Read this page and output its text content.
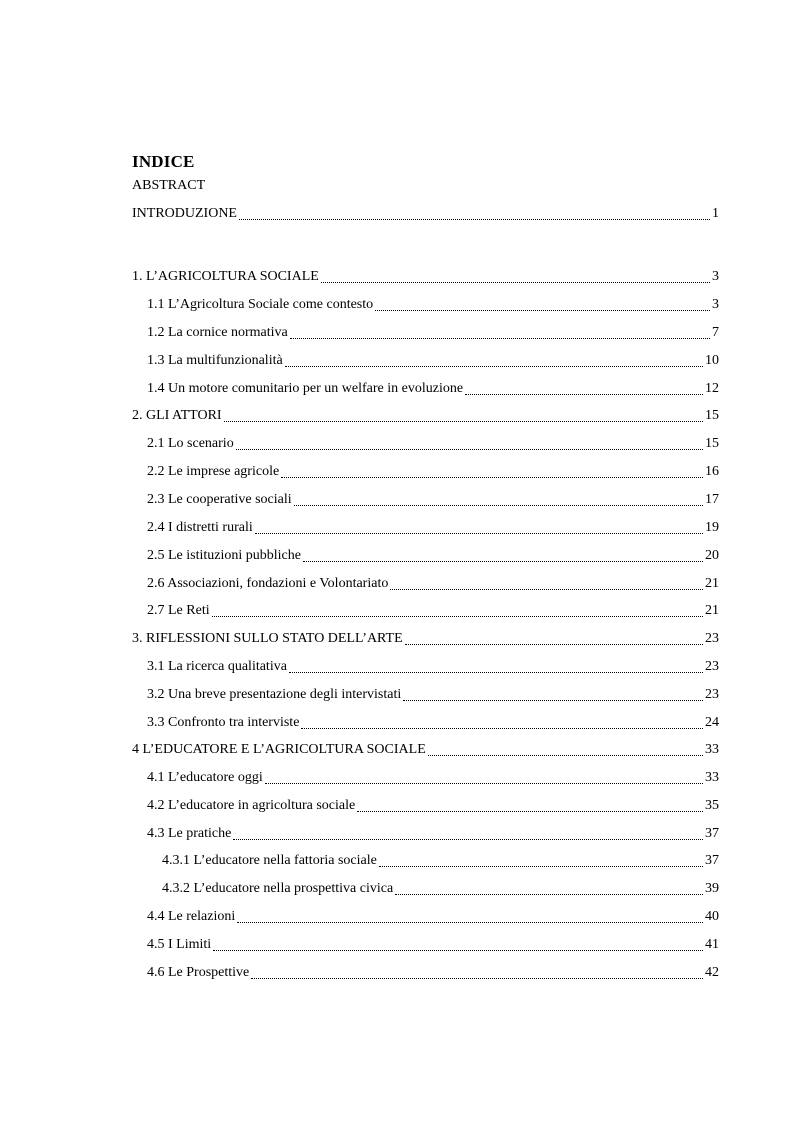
INDICE
ABSTRACT
INTRODUZIONE	1
1. L’AGRICOLTURA SOCIALE	3
1.1 L’Agricoltura Sociale come contesto	3
1.2 La cornice normativa	7
1.3 La multifunzionalità	10
1.4 Un motore comunitario per un welfare in evoluzione	12
2. GLI ATTORI	15
2.1 Lo scenario	15
2.2 Le imprese agricole	16
2.3 Le cooperative sociali	17
2.4 I distretti rurali	19
2.5 Le istituzioni pubbliche	20
2.6 Associazioni, fondazioni e Volontariato	21
2.7 Le Reti	21
3. RIFLESSIONI SULLO STATO DELL’ARTE	23
3.1 La ricerca qualitativa	23
3.2 Una breve presentazione degli intervistati	23
3.3 Confronto tra interviste	24
4 L’EDUCATORE E L’AGRICOLTURA SOCIALE	33
4.1 L’educatore oggi	33
4.2 L’educatore in agricoltura sociale	35
4.3 Le pratiche	37
4.3.1 L’educatore nella fattoria sociale	37
4.3.2 L’educatore nella prospettiva civica	39
4.4 Le relazioni	40
4.5 I Limiti	41
4.6 Le Prospettive	42
